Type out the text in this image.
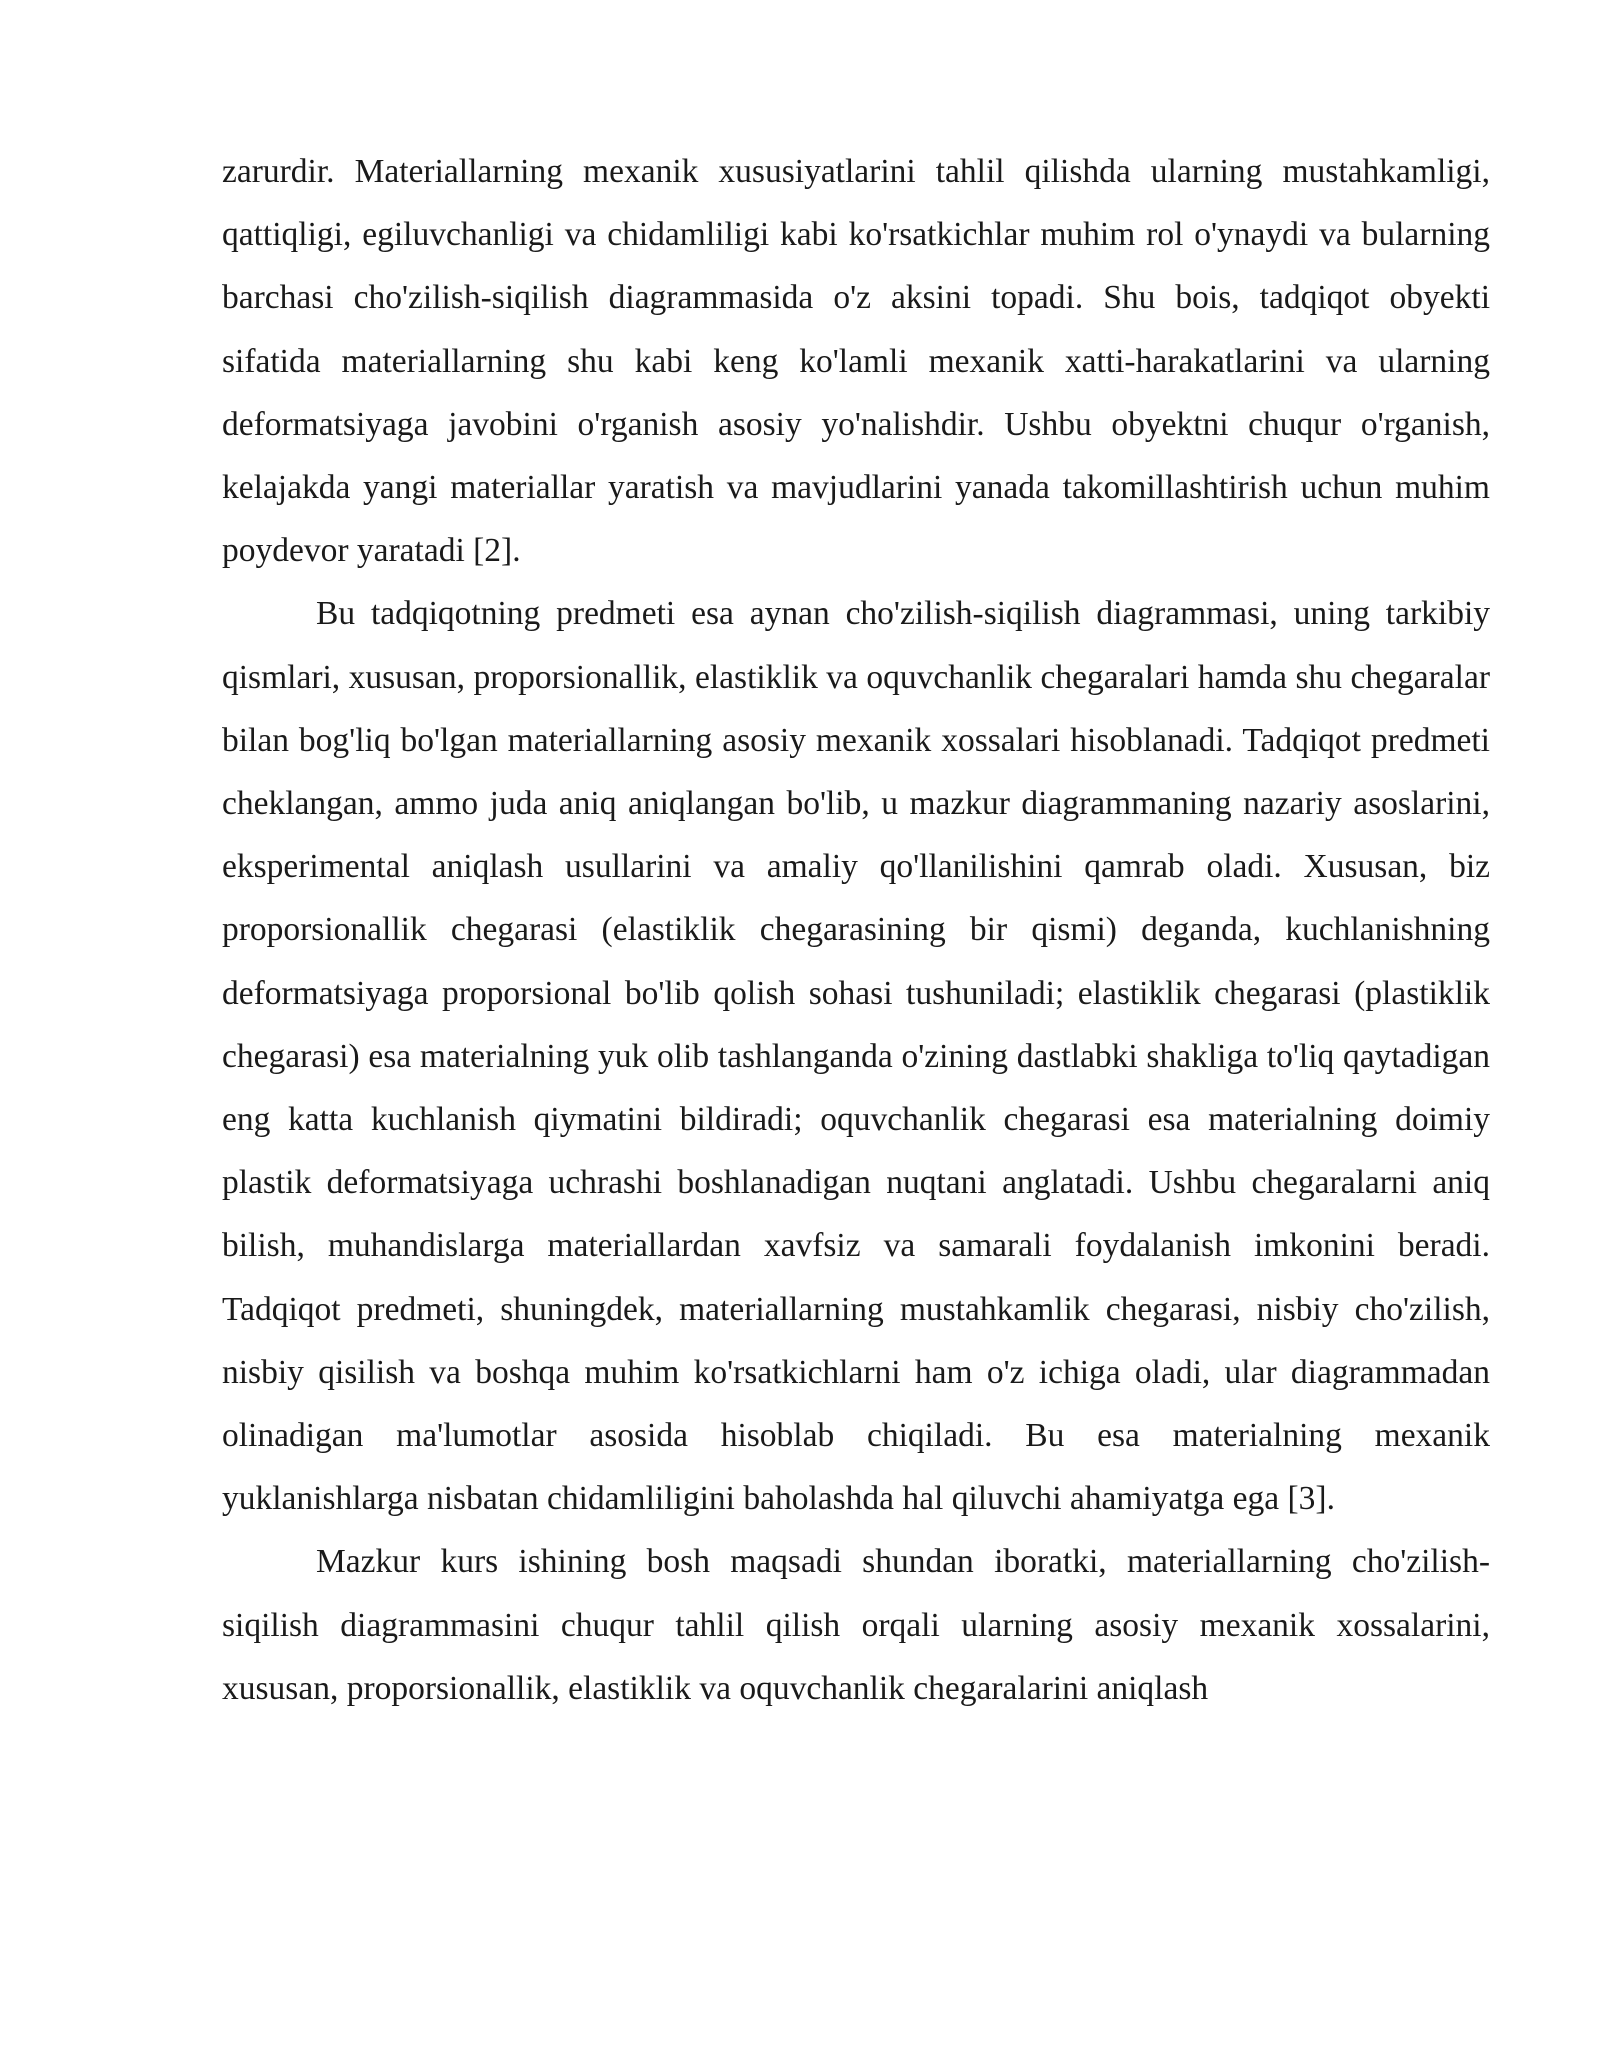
zarurdir. Materiallarning mexanik xususiyatlarini tahlil qilishda ularning mustahkamligi, qattiqligi, egiluvchanligi va chidamliligi kabi ko'rsatkichlar muhim rol o'ynaydi va bularning barchasi cho'zilish-siqilish diagrammasida o'z aksini topadi. Shu bois, tadqiqot obyekti sifatida materiallarning shu kabi keng ko'lamli mexanik xatti-harakatlarini va ularning deformatsiyaga javobini o'rganish asosiy yo'nalishdir. Ushbu obyektni chuqur o'rganish, kelajakda yangi materiallar yaratish va mavjudlarini yanada takomillashtirish uchun muhim poydevor yaratadi [2].

Bu tadqiqotning predmeti esa aynan cho'zilish-siqilish diagrammasi, uning tarkibiy qismlari, xususan, proporsionallik, elastiklik va oquvchanlik chegaralari hamda shu chegaralar bilan bog'liq bo'lgan materiallarning asosiy mexanik xossalari hisoblanadi. Tadqiqot predmeti cheklangan, ammo juda aniq aniqlangan bo'lib, u mazkur diagrammaning nazariy asoslarini, eksperimental aniqlash usullarini va amaliy qo'llanilishini qamrab oladi. Xususan, biz proporsionallik chegarasi (elastiklik chegarasining bir qismi) deganda, kuchlanishning deformatsiyaga proporsional bo'lib qolish sohasi tushuniladi; elastiklik chegarasi (plastiklik chegarasi) esa materialning yuk olib tashlanganda o'zining dastlabki shakliga to'liq qaytadigan eng katta kuchlanish qiymatini bildiradi; oquvchanlik chegarasi esa materialning doimiy plastik deformatsiyaga uchrashi boshlanadigan nuqtani anglatadi. Ushbu chegaralarni aniq bilish, muhandislarga materiallardan xavfsiz va samarali foydalanish imkonini beradi. Tadqiqot predmeti, shuningdek, materiallarning mustahkamlik chegarasi, nisbiy cho'zilish, nisbiy qisilish va boshqa muhim ko'rsatkichlarni ham o'z ichiga oladi, ular diagrammadan olinadigan ma'lumotlar asosida hisoblab chiqiladi. Bu esa materialning mexanik yuklanishlarga nisbatan chidamliligini baholashda hal qiluvchi ahamiyatga ega [3].

Mazkur kurs ishining bosh maqsadi shundan iboratki, materiallarning cho'zilish-siqilish diagrammasini chuqur tahlil qilish orqali ularning asosiy mexanik xossalarini, xususan, proporsionallik, elastiklik va oquvchanlik chegaralarini aniqlash
